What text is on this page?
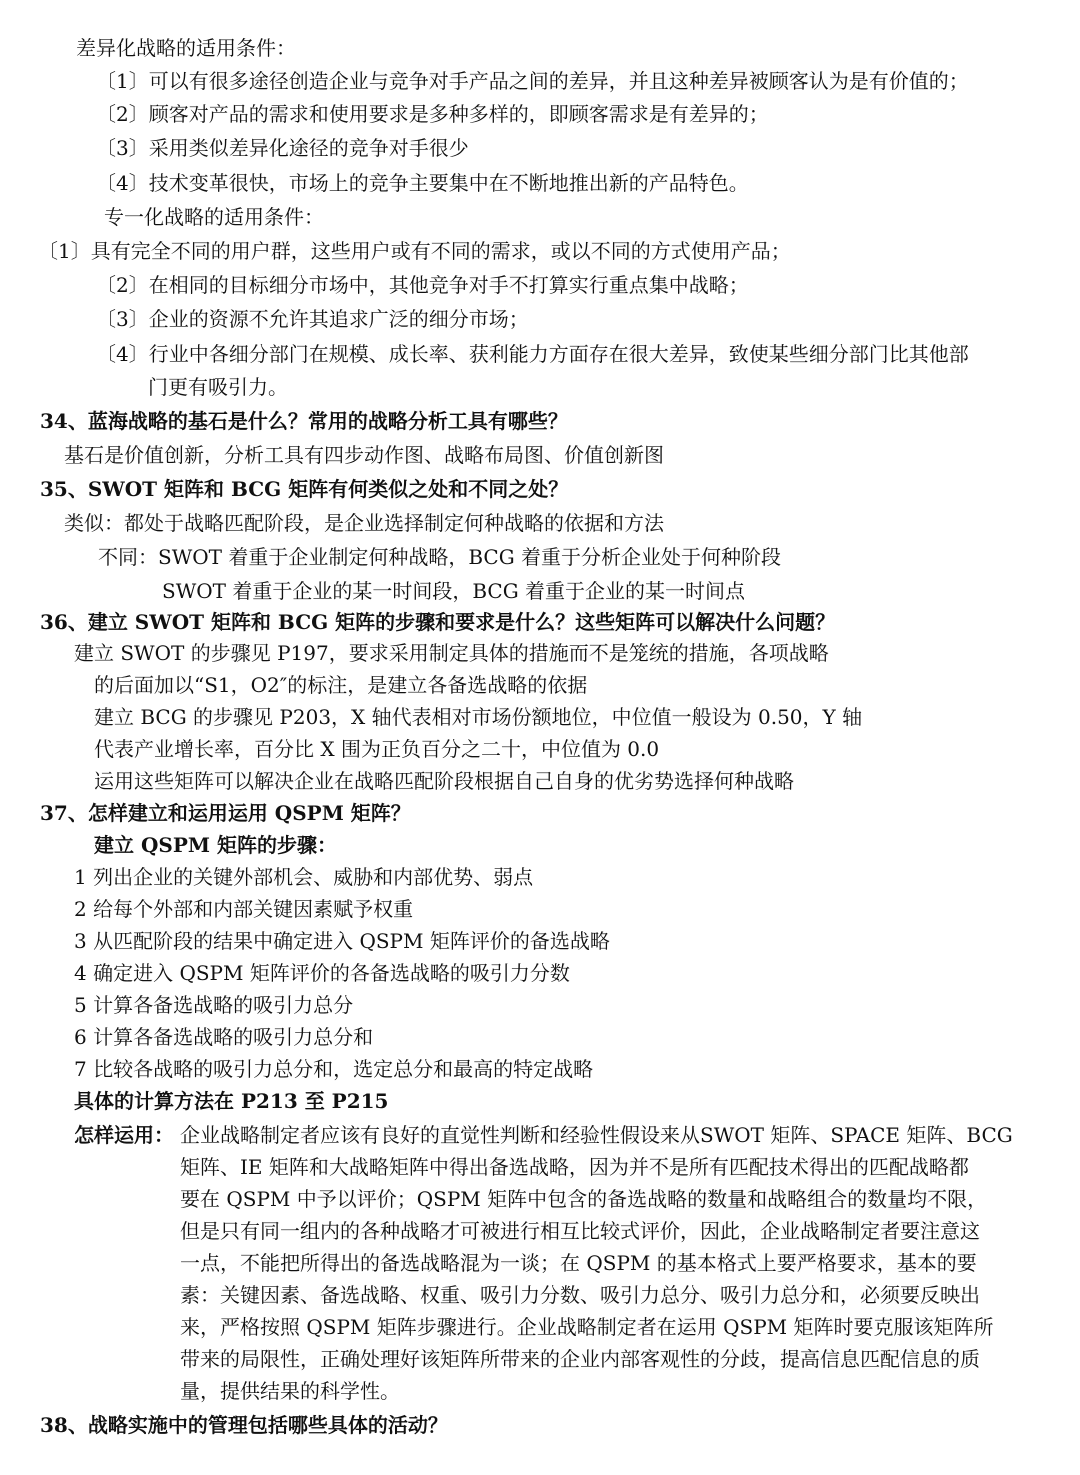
差异化战略的适用条件：
〔1〕可以有很多途径创造企业与竞争对手产品之间的差异，并且这种差异被顾客认为是有价值的；
〔2〕顾客对产品的需求和使用要求是多种多样的，即顾客需求是有差异的；
〔3〕采用类似差异化途径的竞争对手很少
〔4〕技术变革很快，市场上的竞争主要集中在不断地推出新的产品特色。
专一化战略的适用条件：
〔1〕具有完全不同的用户群，这些用户或有不同的需求，或以不同的方式使用产品；
〔2〕在相同的目标细分市场中，其他竞争对手不打算实行重点集中战略；
〔3〕企业的资源不允许其追求广泛的细分市场；
〔4〕行业中各细分部门在规模、成长率、获利能力方面存在很大差异，致使某些细分部门比其他部
门更有吸引力。
34、蓝海战略的基石是什么？常用的战略分析工具有哪些？
基石是价值创新，分析工具有四步动作图、战略布局图、价值创新图
35、SWOT 矩阵和 BCG 矩阵有何类似之处和不同之处？
类似：都处于战略匹配阶段，是企业选择制定何种战略的依据和方法
不同：SWOT 着重于企业制定何种战略，BCG 着重于分析企业处于何种阶段
SWOT 着重于企业的某一时间段，BCG 着重于企业的某一时间点
36、建立 SWOT 矩阵和 BCG 矩阵的步骤和要求是什么？这些矩阵可以解决什么问题？
建立 SWOT 的步骤见 P197，要求采用制定具体的措施而不是笼统的措施，各项战略
的后面加以“S1，O2″的标注，是建立各备选战略的依据
建立 BCG 的步骤见 P203，X 轴代表相对市场份额地位，中位值一般设为 0.50，Y 轴
代表产业增长率，百分比 X 围为正负百分之二十，中位值为 0.0
运用这些矩阵可以解决企业在战略匹配阶段根据自己自身的优劣势选择何种战略
37、怎样建立和运用运用 QSPM 矩阵？
建立 QSPM 矩阵的步骤：
1 列出企业的关键外部机会、威胁和内部优势、弱点
2 给每个外部和内部关键因素赋予权重
3 从匹配阶段的结果中确定进入 QSPM 矩阵评价的备选战略
4 确定进入 QSPM 矩阵评价的各备选战略的吸引力分数
5 计算各备选战略的吸引力总分
6 计算各备选战略的吸引力总分和
7 比较各战略的吸引力总分和，选定总分和最高的特定战略
具体的计算方法在 P213 至 P215
怎样运用： 企业战略制定者应该有良好的直觉性判断和经验性假设来从SWOT 矩阵、SPACE 矩阵、BCG
矩阵、IE 矩阵和大战略矩阵中得出备选战略，因为并不是所有匹配技术得出的匹配战略都
要在 QSPM 中予以评价；QSPM 矩阵中包含的备选战略的数量和战略组合的数量均不限，
但是只有同一组内的各种战略才可被进行相互比较式评价，因此，企业战略制定者要注意这
一点，不能把所得出的备选战略混为一谈；在 QSPM 的基本格式上要严格要求，基本的要
素：关键因素、备选战略、权重、吸引力分数、吸引力总分、吸引力总分和，必须要反映出
来，严格按照 QSPM 矩阵步骤进行。企业战略制定者在运用 QSPM 矩阵时要克服该矩阵所
带来的局限性，正确处理好该矩阵所带来的企业内部客观性的分歧，提高信息匹配信息的质
量，提供结果的科学性。
38、战略实施中的管理包括哪些具体的活动？
